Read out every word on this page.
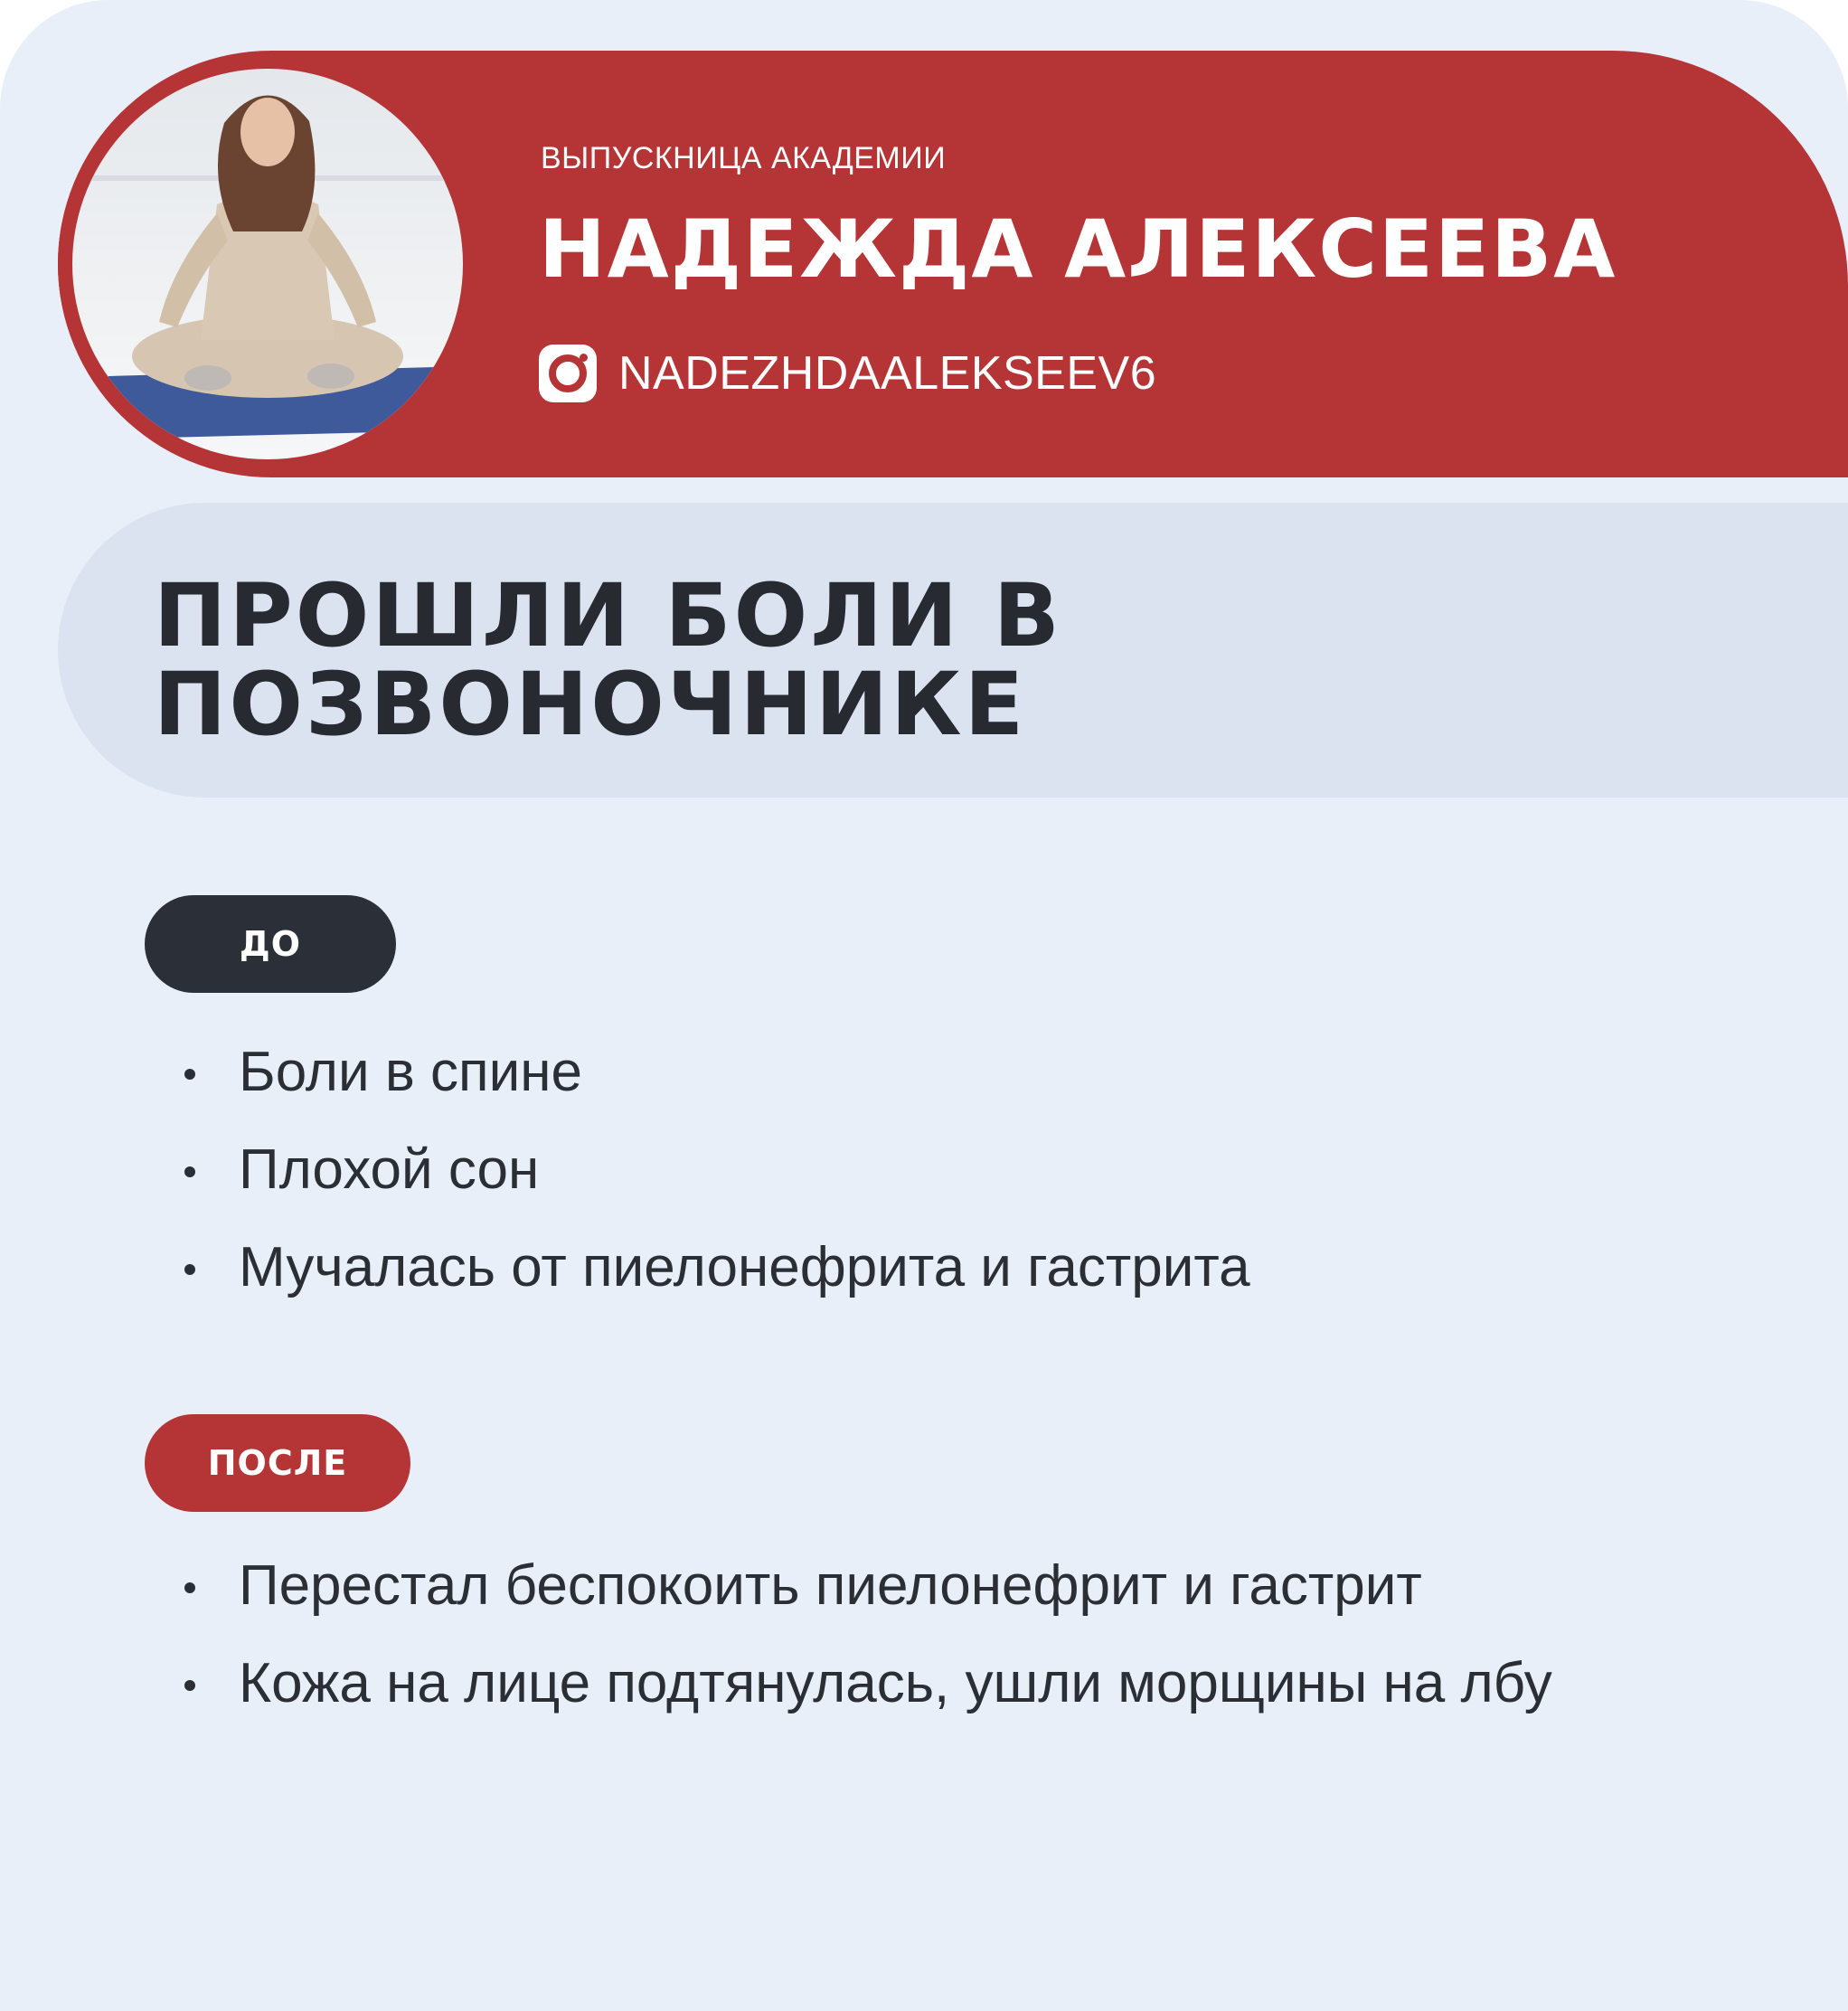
ВЫПУСКНИЦА АКАДЕМИИ
НАДЕЖДА АЛЕКСЕЕВА
NADEZHDAALEKSEEV6
ПРОШЛИ БОЛИ В
ПОЗВОНОЧНИКЕ
ДО
Боли в спине
Плохой сон
Мучалась от пиелонефрита и гастрита
ПОСЛЕ
Перестал беспокоить пиелонефрит и гастрит
Кожа на лице подтянулась, ушли морщины на лбу
